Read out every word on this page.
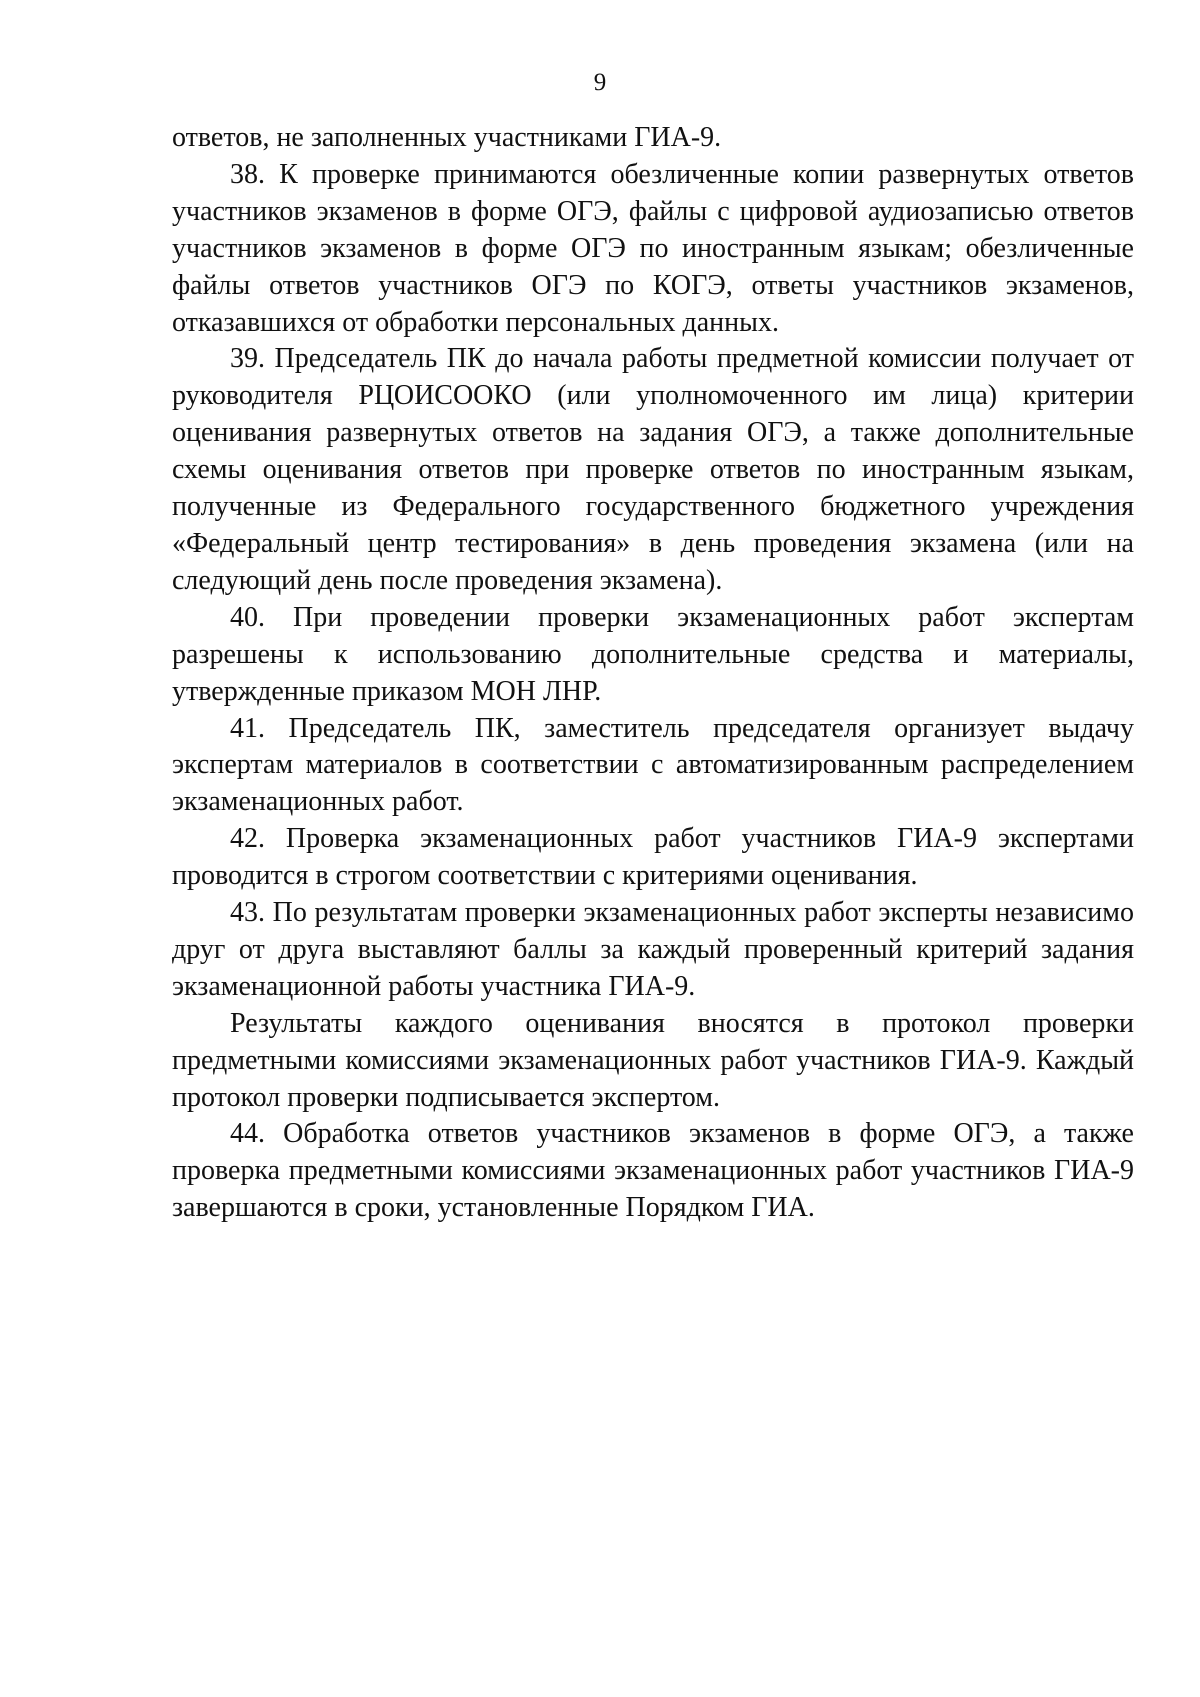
9

ответов, не заполненных участниками ГИА-9.

38. К проверке принимаются обезличенные копии развернутых ответов участников экзаменов в форме ОГЭ, файлы с цифровой аудиозаписью ответов участников экзаменов в форме ОГЭ по иностранным языкам; обезличенные файлы ответов участников ОГЭ по КОГЭ, ответы участников экзаменов, отказавшихся от обработки персональных данных.

39. Председатель ПК до начала работы предметной комиссии получает от руководителя РЦОИСООКО (или уполномоченного им лица) критерии оценивания развернутых ответов на задания ОГЭ, а также дополнительные схемы оценивания ответов при проверке ответов по иностранным языкам, полученные из Федерального государственного бюджетного учреждения «Федеральный центр тестирования» в день проведения экзамена (или на следующий день после проведения экзамена).

40. При проведении проверки экзаменационных работ экспертам разрешены к использованию дополнительные средства и материалы, утвержденные приказом МОН ЛНР.

41. Председатель ПК, заместитель председателя организует выдачу экспертам материалов в соответствии с автоматизированным распределением экзаменационных работ.

42. Проверка экзаменационных работ участников ГИА-9 экспертами проводится в строгом соответствии с критериями оценивания.

43. По результатам проверки экзаменационных работ эксперты независимо друг от друга выставляют баллы за каждый проверенный критерий задания экзаменационной работы участника ГИА-9.

Результаты каждого оценивания вносятся в протокол проверки предметными комиссиями экзаменационных работ участников ГИА-9. Каждый протокол проверки подписывается экспертом.

44. Обработка ответов участников экзаменов в форме ОГЭ, а также проверка предметными комиссиями экзаменационных работ участников ГИА-9 завершаются в сроки, установленные Порядком ГИА.
